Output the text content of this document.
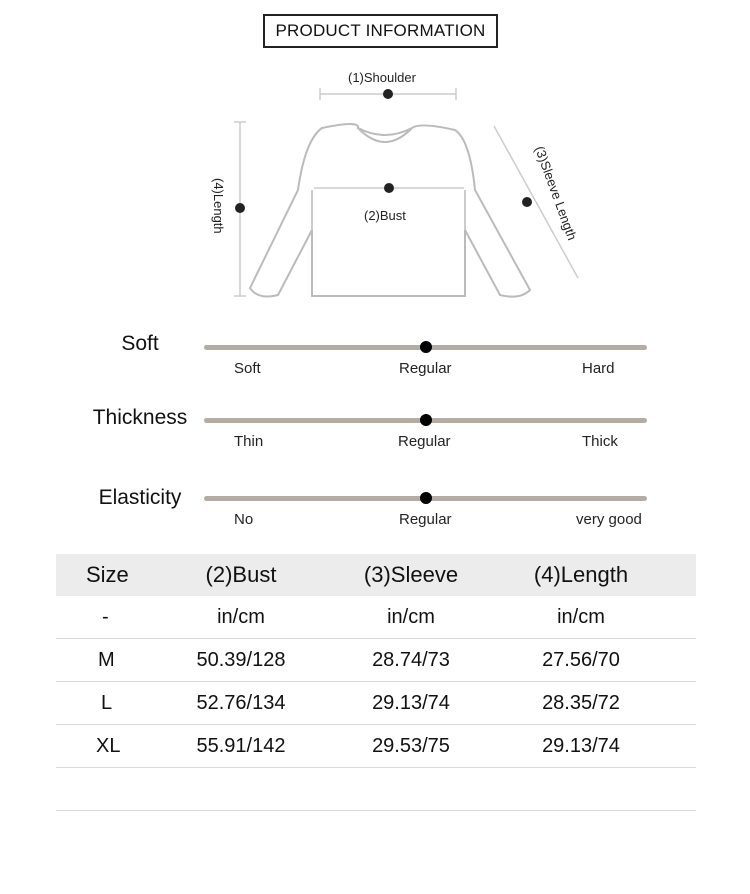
PRODUCT INFORMATION
(1)Shoulder
(2)Bust
(4)Length	(3)Sleeve Length
Soft
Soft	Regular	Hard
Thickness
Thin	Regular	Thick
Elasticity
No	Regular	very good
Size	(2)Bust	(3)Sleeve	(4)Length
-	in/cm	in/cm	in/cm
M	50.39/128	28.74/73	27.56/70
L	52.76/134	29.13/74	28.35/72
XL	55.91/142	29.53/75	29.13/74
